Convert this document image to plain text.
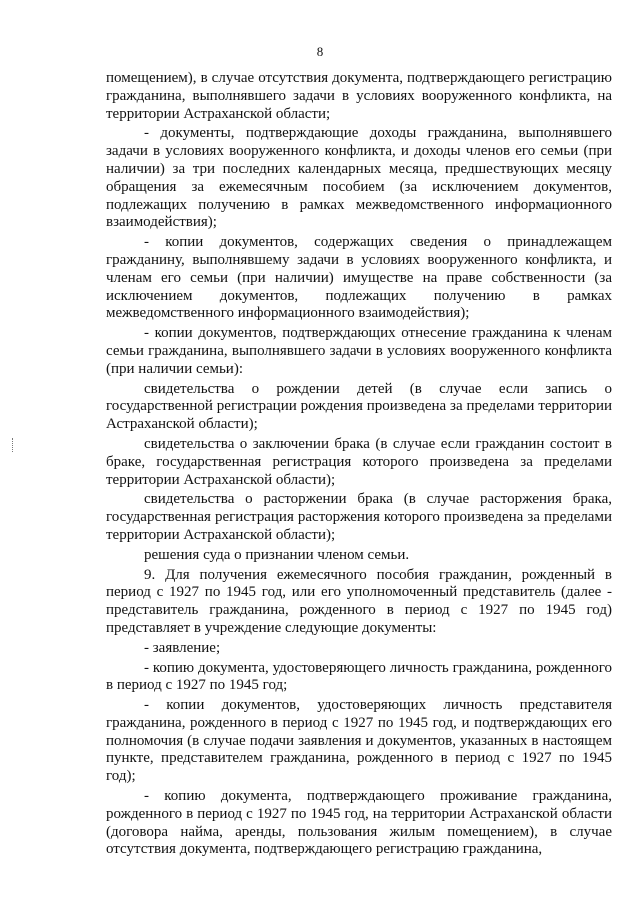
8

помещением), в случае отсутствия документа, подтверждающего регистрацию гражданина, выполнявшего задачи в условиях вооруженного конфликта, на территории Астраханской области;

- документы, подтверждающие доходы гражданина, выполнявшего задачи в условиях вооруженного конфликта, и доходы членов его семьи (при наличии) за три последних календарных месяца, предшествующих месяцу обращения за ежемесячным пособием (за исключением документов, подлежащих получению в рамках межведомственного информационного взаимодействия);

- копии документов, содержащих сведения о принадлежащем гражданину, выполнявшему задачи в условиях вооруженного конфликта, и членам его семьи (при наличии) имуществе на праве собственности (за исключением документов, подлежащих получению в рамках межведомственного информационного взаимодействия);

- копии документов, подтверждающих отнесение гражданина к членам семьи гражданина, выполнявшего задачи в условиях вооруженного конфликта (при наличии семьи):

свидетельства о рождении детей (в случае если запись о государственной регистрации рождения произведена за пределами территории Астраханской области);

свидетельства о заключении брака (в случае если гражданин состоит в браке, государственная регистрация которого произведена за пределами территории Астраханской области);

свидетельства о расторжении брака (в случае расторжения брака, государственная регистрация расторжения которого произведена за пределами территории Астраханской области);

решения суда о признании членом семьи.

9. Для получения ежемесячного пособия гражданин, рожденный в период с 1927 по 1945 год, или его уполномоченный представитель (далее - представитель гражданина, рожденного в период с 1927 по 1945 год) представляет в учреждение следующие документы:

- заявление;

- копию документа, удостоверяющего личность гражданина, рожденного в период с 1927 по 1945 год;

- копии документов, удостоверяющих личность представителя гражданина, рожденного в период с 1927 по 1945 год, и подтверждающих его полномочия (в случае подачи заявления и документов, указанных в настоящем пункте, представителем гражданина, рожденного в период с 1927 по 1945 год);

- копию документа, подтверждающего проживание гражданина, рожденного в период с 1927 по 1945 год, на территории Астраханской области (договора найма, аренды, пользования жилым помещением), в случае отсутствия документа, подтверждающего регистрацию гражданина,
